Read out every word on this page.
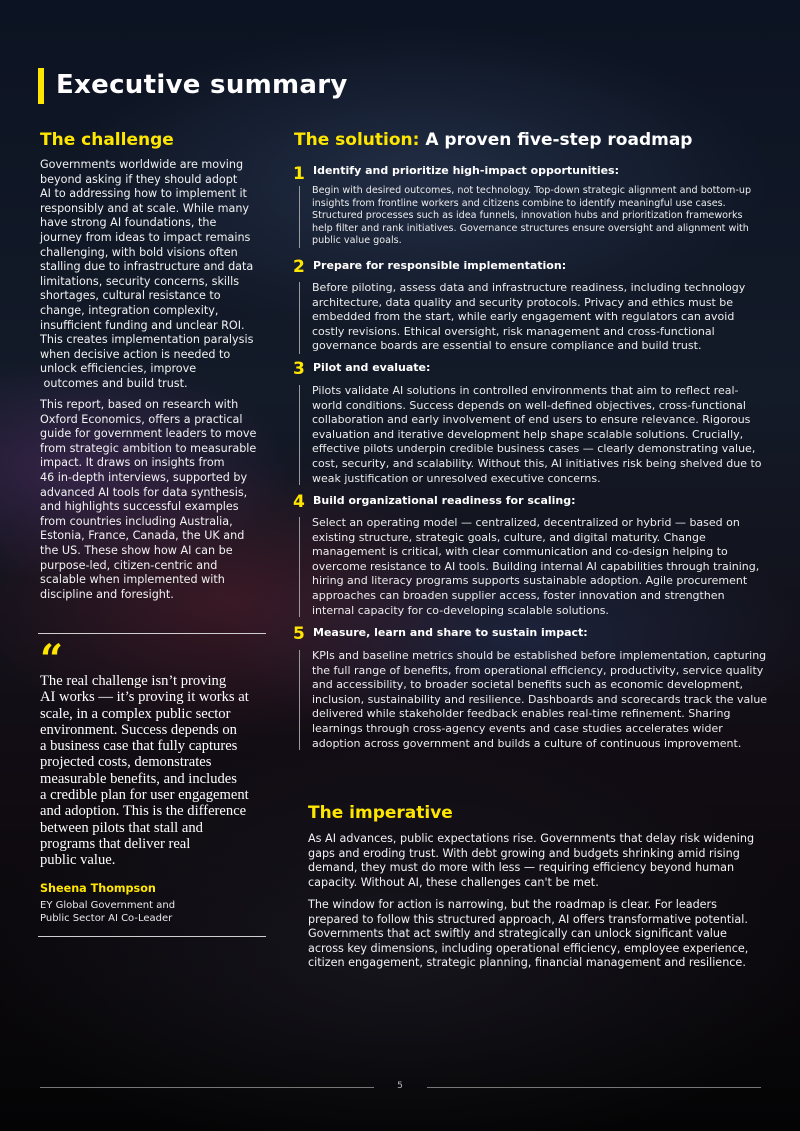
Executive summary
The challenge
Governments worldwide are moving
beyond asking if they should adopt
AI to addressing how to implement it
responsibly and at scale. While many
have strong AI foundations, the
journey from ideas to impact remains
challenging, with bold visions often
stalling due to infrastructure and data
limitations, security concerns, skills
shortages, cultural resistance to
change, integration complexity,
insufficient funding and unclear ROI.
This creates implementation paralysis
when decisive action is needed to
unlock efficiencies, improve
outcomes and build trust.
This report, based on research with
Oxford Economics, offers a practical
guide for government leaders to move
from strategic ambition to measurable
impact. It draws on insights from
46 in-depth interviews, supported by
advanced AI tools for data synthesis,
and highlights successful examples
from countries including Australia,
Estonia, France, Canada, the UK and
the US. These show how AI can be
purpose-led, citizen-centric and
scalable when implemented with
discipline and foresight.
“
The real challenge isn’t proving
AI works — it’s proving it works at
scale, in a complex public sector
environment. Success depends on
a business case that fully captures
projected costs, demonstrates
measurable benefits, and includes
a credible plan for user engagement
and adoption. This is the difference
between pilots that stall and
programs that deliver real
public value.
Sheena Thompson
EY Global Government and
Public Sector AI Co-Leader
The solution: A proven five-step roadmap
1 Identify and prioritize high-impact opportunities:
Begin with desired outcomes, not technology. Top-down strategic alignment and bottom-up
insights from frontline workers and citizens combine to identify meaningful use cases.
Structured processes such as idea funnels, innovation hubs and prioritization frameworks
help filter and rank initiatives. Governance structures ensure oversight and alignment with
public value goals.
2 Prepare for responsible implementation:
Before piloting, assess data and infrastructure readiness, including technology
architecture, data quality and security protocols. Privacy and ethics must be
embedded from the start, while early engagement with regulators can avoid
costly revisions. Ethical oversight, risk management and cross-functional
governance boards are essential to ensure compliance and build trust.
3 Pilot and evaluate:
Pilots validate AI solutions in controlled environments that aim to reflect real-
world conditions. Success depends on well-defined objectives, cross-functional
collaboration and early involvement of end users to ensure relevance. Rigorous
evaluation and iterative development help shape scalable solutions. Crucially,
effective pilots underpin credible business cases — clearly demonstrating value,
cost, security, and scalability. Without this, AI initiatives risk being shelved due to
weak justification or unresolved executive concerns.
4 Build organizational readiness for scaling:
Select an operating model — centralized, decentralized or hybrid — based on
existing structure, strategic goals, culture, and digital maturity. Change
management is critical, with clear communication and co-design helping to
overcome resistance to AI tools. Building internal AI capabilities through training,
hiring and literacy programs supports sustainable adoption. Agile procurement
approaches can broaden supplier access, foster innovation and strengthen
internal capacity for co-developing scalable solutions.
5 Measure, learn and share to sustain impact:
KPIs and baseline metrics should be established before implementation, capturing
the full range of benefits, from operational efficiency, productivity, service quality
and accessibility, to broader societal benefits such as economic development,
inclusion, sustainability and resilience. Dashboards and scorecards track the value
delivered while stakeholder feedback enables real-time refinement. Sharing
learnings through cross-agency events and case studies accelerates wider
adoption across government and builds a culture of continuous improvement.
The imperative
As AI advances, public expectations rise. Governments that delay risk widening
gaps and eroding trust. With debt growing and budgets shrinking amid rising
demand, they must do more with less — requiring efficiency beyond human
capacity. Without AI, these challenges can't be met.
The window for action is narrowing, but the roadmap is clear. For leaders
prepared to follow this structured approach, AI offers transformative potential.
Governments that act swiftly and strategically can unlock significant value
across key dimensions, including operational efficiency, employee experience,
citizen engagement, strategic planning, financial management and resilience.
5
